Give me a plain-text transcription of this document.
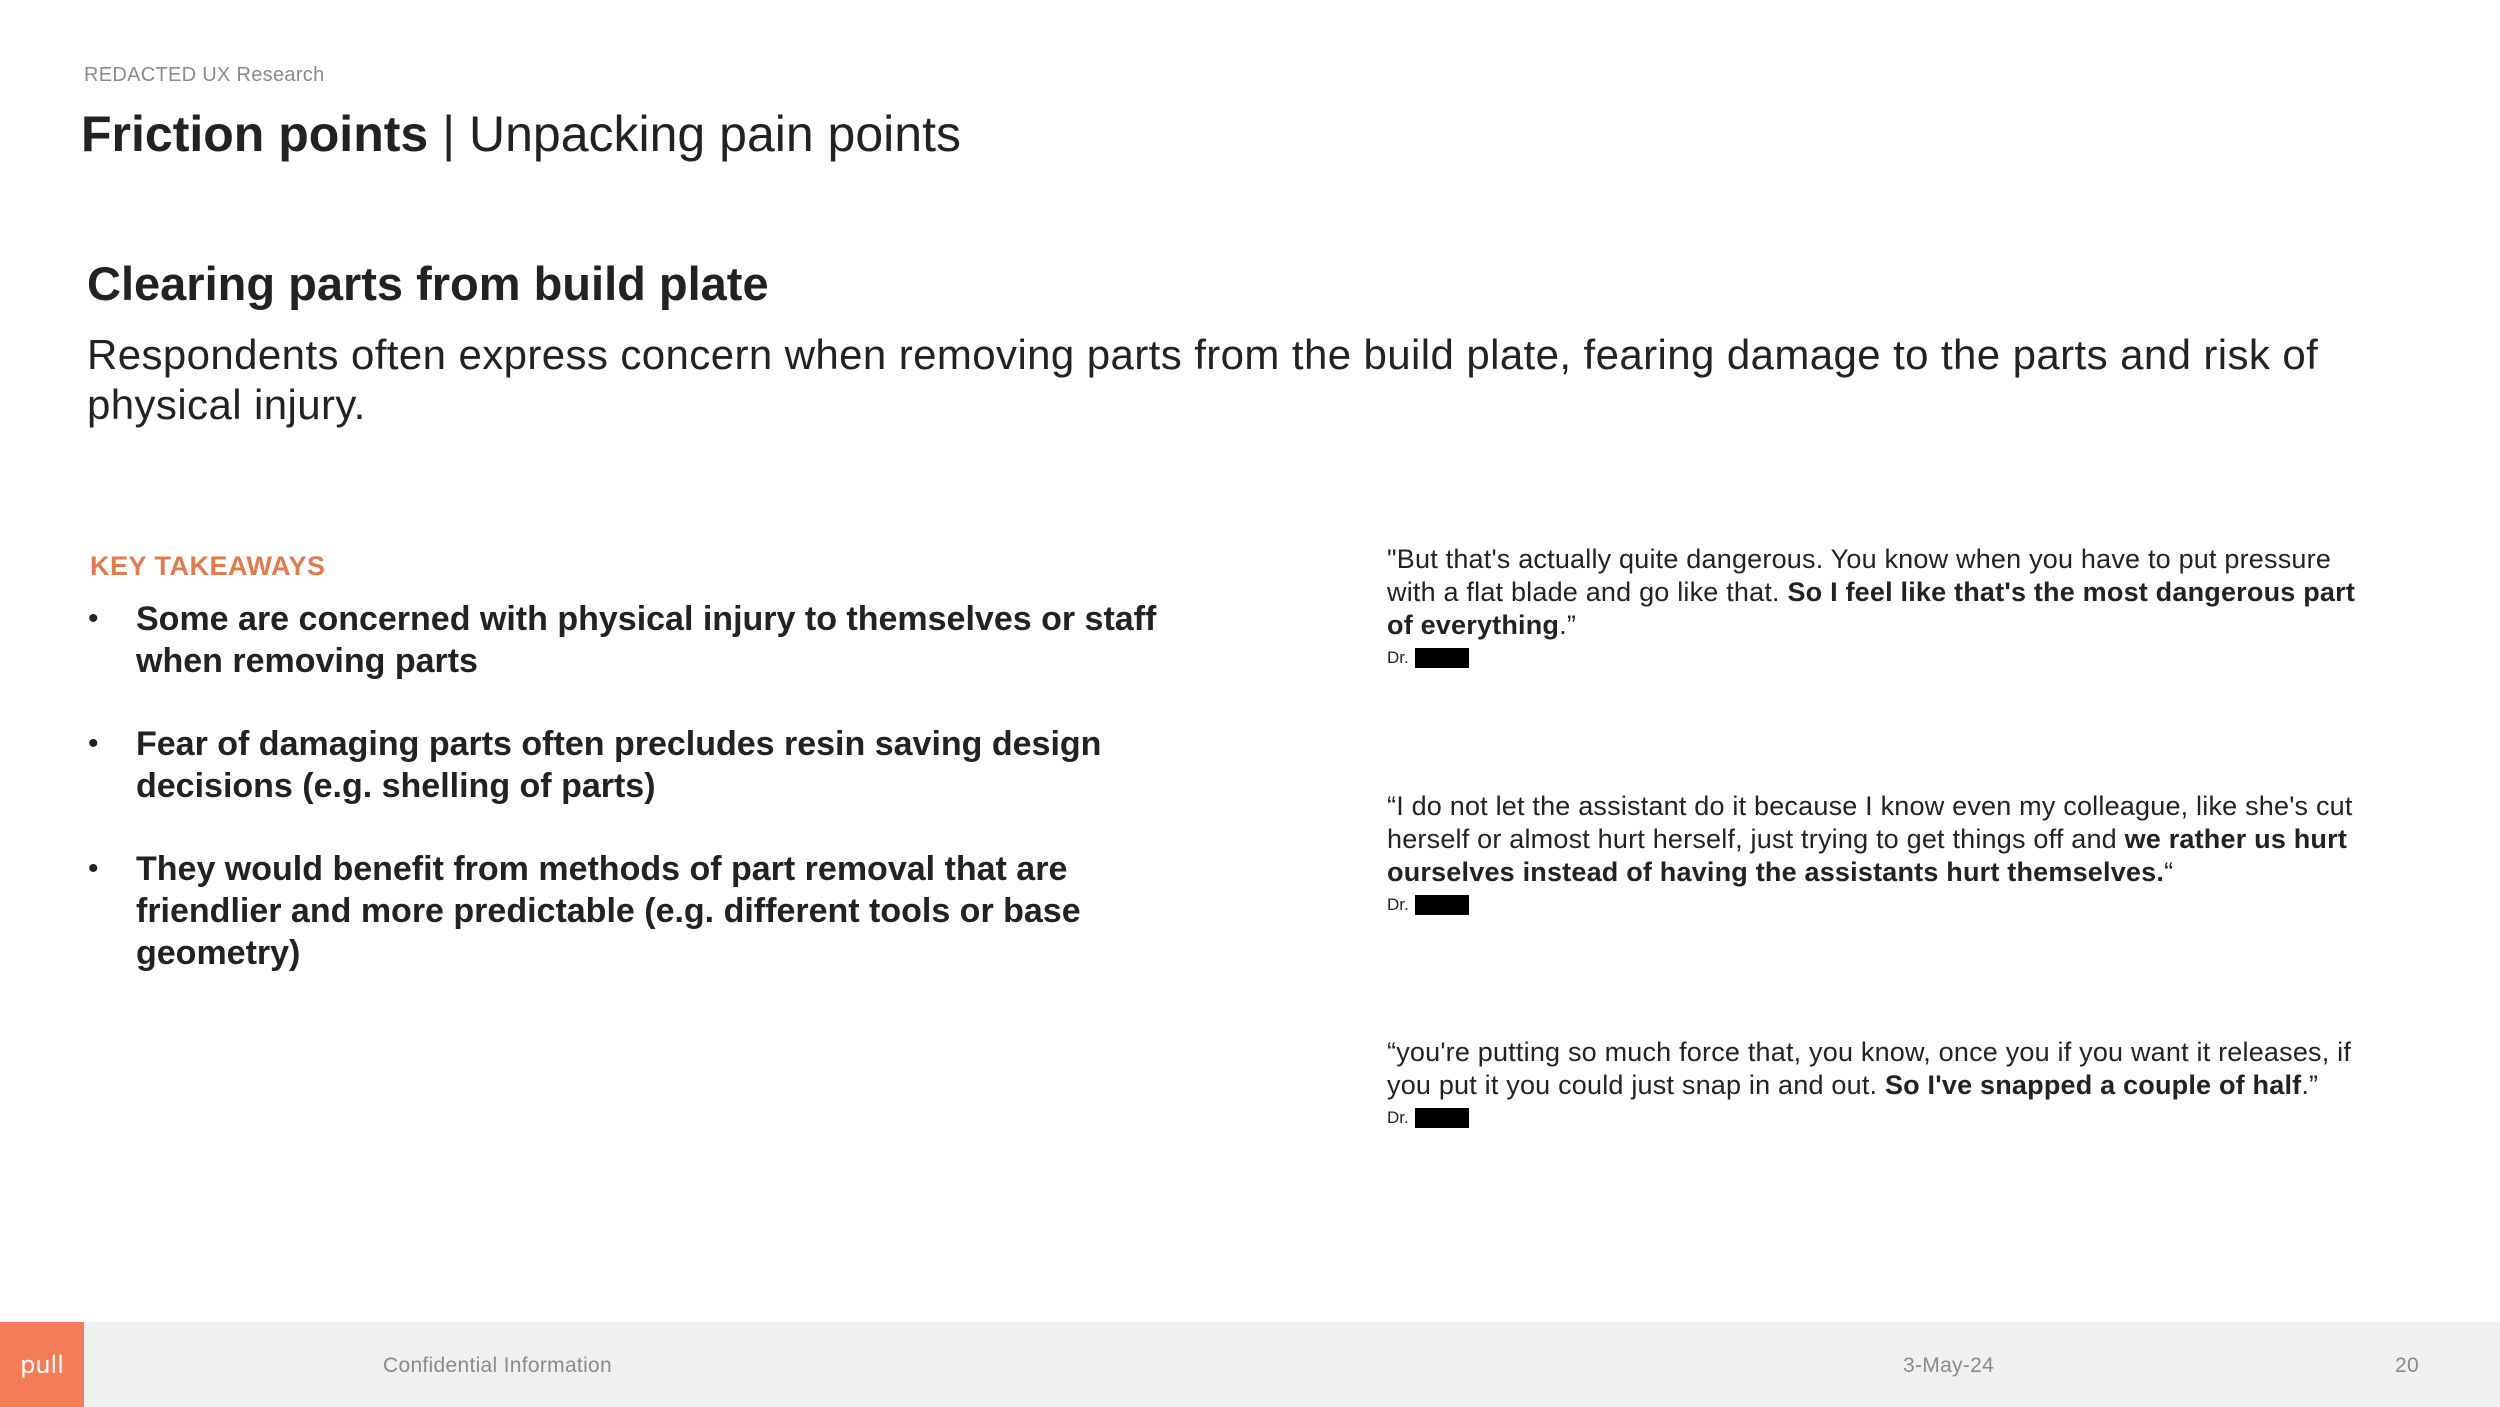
REDACTED UX Research
Friction points | Unpacking pain points
Clearing parts from build plate
Respondents often express concern when removing parts from the build plate, fearing damage to the parts and risk of physical injury.
KEY TAKEAWAYS
• Some are concerned with physical injury to themselves or staff when removing parts
• Fear of damaging parts often precludes resin saving design decisions (e.g. shelling of parts)
• They would benefit from methods of part removal that are friendlier and more predictable (e.g. different tools or base geometry)

"But that's actually quite dangerous. You know when you have to put pressure with a flat blade and go like that. So I feel like that's the most dangerous part of everything.”

Dr.

“I do not let the assistant do it because I know even my colleague, like she's cut herself or almost hurt herself, just trying to get things off and we rather us hurt ourselves instead of having the assistants hurt themselves.“

Dr.

“you're putting so much force that, you know, once you if you want it releases, if you put it you could just snap in and out. So I've snapped a couple of half.”

Dr.
pull	Confidential Information	3-May-24	20
